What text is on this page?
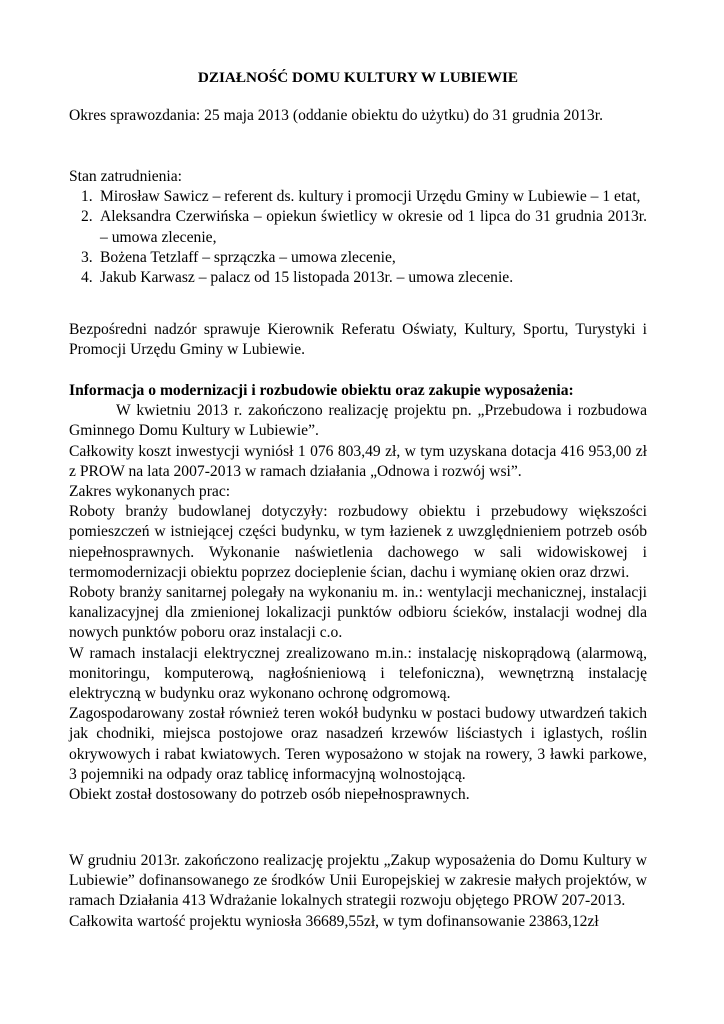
DZIAŁNOŚĆ DOMU KULTURY W LUBIEWIE

Okres sprawozdania: 25 maja 2013 (oddanie obiektu do użytku) do 31 grudnia 2013r.

Stan zatrudnienia:

1. Mirosław Sawicz – referent ds. kultury i promocji Urzędu Gminy w Lubiewie – 1 etat,
2. Aleksandra Czerwińska – opiekun świetlicy w okresie od 1 lipca do 31 grudnia 2013r. – umowa zlecenie,
3. Bożena Tetzlaff – sprzączka – umowa zlecenie,
4. Jakub Karwasz – palacz od 15 listopada 2013r. – umowa zlecenie.

Bezpośredni nadzór sprawuje Kierownik Referatu Oświaty, Kultury, Sportu, Turystyki i Promocji Urzędu Gminy w Lubiewie.

Informacja o modernizacji i rozbudowie obiektu oraz zakupie wyposażenia:

W kwietniu 2013 r. zakończono realizację projektu pn. „Przebudowa i rozbudowa Gminnego Domu Kultury w Lubiewie”.

Całkowity koszt inwestycji wyniósł 1 076 803,49 zł, w tym uzyskana dotacja 416 953,00 zł z PROW na lata 2007-2013 w ramach działania „Odnowa i rozwój wsi”.

Zakres wykonanych prac:

Roboty branży budowlanej dotyczyły: rozbudowy obiektu i przebudowy większości pomieszczeń w istniejącej części budynku, w tym łazienek z uwzględnieniem potrzeb osób niepełnosprawnych. Wykonanie naświetlenia dachowego w sali widowiskowej i termomodernizacji obiektu poprzez docieplenie ścian, dachu i wymianę okien oraz drzwi.

Roboty branży sanitarnej polegały na wykonaniu m. in.: wentylacji mechanicznej, instalacji kanalizacyjnej dla zmienionej lokalizacji punktów odbioru ścieków, instalacji wodnej dla nowych punktów poboru oraz instalacji c.o.

W ramach instalacji elektrycznej zrealizowano m.in.: instalację niskoprądową (alarmową, monitoringu, komputerową, nagłośnieniową i telefoniczna), wewnętrzną instalację elektryczną w budynku oraz wykonano ochronę odgromową.

Zagospodarowany został również teren wokół budynku w postaci budowy utwardzeń takich jak chodniki, miejsca postojowe oraz nasadzeń krzewów liściastych i iglastych, roślin okrywowych i rabat kwiatowych. Teren wyposażono w stojak na rowery, 3 ławki parkowe, 3 pojemniki na odpady oraz tablicę informacyjną wolnostojącą.

Obiekt został dostosowany do potrzeb osób niepełnosprawnych.

W grudniu 2013r. zakończono realizację projektu „Zakup wyposażenia do Domu Kultury w Lubiewie” dofinansowanego ze środków Unii Europejskiej w zakresie małych projektów, w ramach Działania 413 Wdrażanie lokalnych strategii rozwoju objętego PROW 207-2013.

Całkowita wartość projektu wyniosła 36689,55zł, w tym dofinansowanie 23863,12zł
